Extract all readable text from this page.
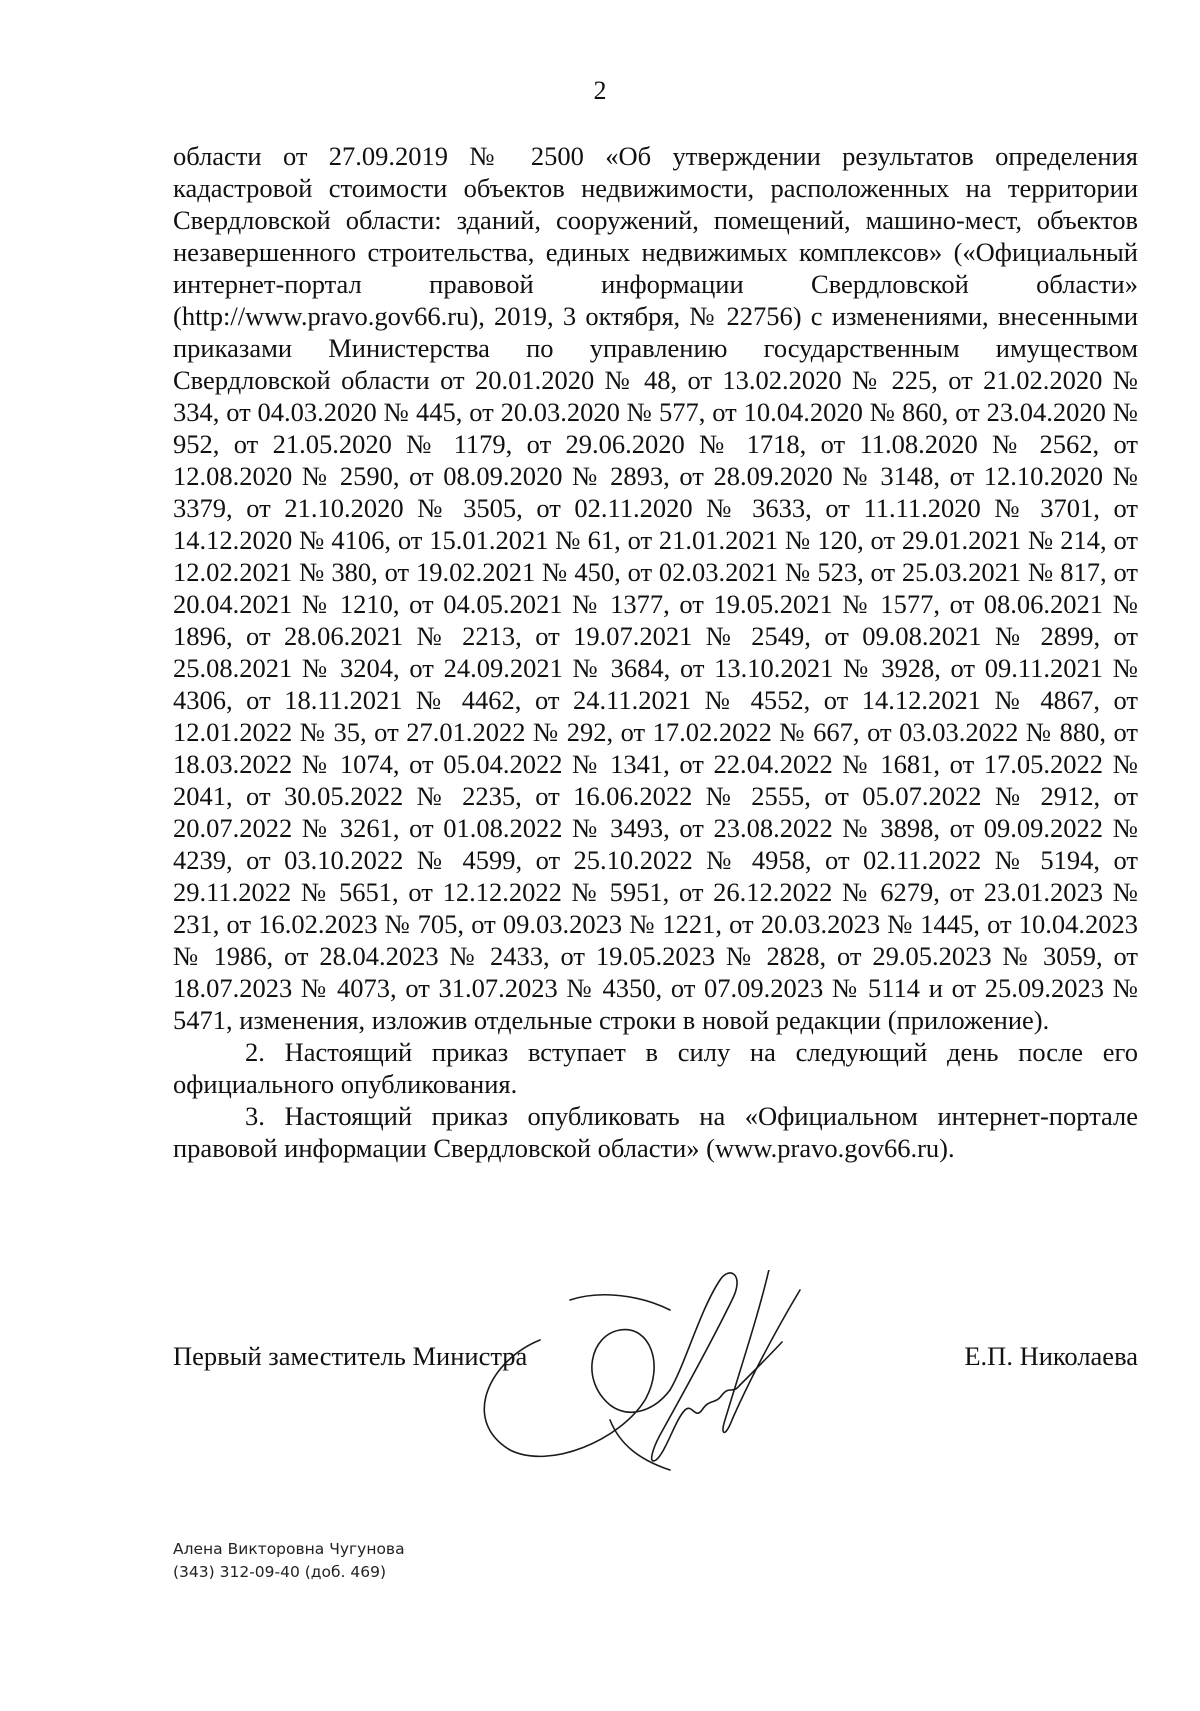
2

области от 27.09.2019 № 2500 «Об утверждении результатов определения кадастровой стоимости объектов недвижимости, расположенных на территории Свердловской области: зданий, сооружений, помещений, машино-мест, объектов незавершенного строительства, единых недвижимых комплексов» («Официальный интернет-портал правовой информации Свердловской области» (http://www.pravo.gov66.ru), 2019, 3 октября, № 22756) с изменениями, внесенными приказами Министерства по управлению государственным имуществом Свердловской области от 20.01.2020 № 48, от 13.02.2020 № 225, от 21.02.2020 № 334, от 04.03.2020 № 445, от 20.03.2020 № 577, от 10.04.2020 № 860, от 23.04.2020 № 952, от 21.05.2020 № 1179, от 29.06.2020 № 1718, от 11.08.2020 № 2562, от 12.08.2020 № 2590, от 08.09.2020 № 2893, от 28.09.2020 № 3148, от 12.10.2020 № 3379, от 21.10.2020 № 3505, от 02.11.2020 № 3633, от 11.11.2020 № 3701, от 14.12.2020 № 4106, от 15.01.2021 № 61, от 21.01.2021 № 120, от 29.01.2021 № 214, от 12.02.2021 № 380, от 19.02.2021 № 450, от 02.03.2021 № 523, от 25.03.2021 № 817, от 20.04.2021 № 1210, от 04.05.2021 № 1377, от 19.05.2021 № 1577, от 08.06.2021 № 1896, от 28.06.2021 № 2213, от 19.07.2021 № 2549, от 09.08.2021 № 2899, от 25.08.2021 № 3204, от 24.09.2021 № 3684, от 13.10.2021 № 3928, от 09.11.2021 № 4306, от 18.11.2021 № 4462, от 24.11.2021 № 4552, от 14.12.2021 № 4867, от 12.01.2022 № 35, от 27.01.2022 № 292, от 17.02.2022 № 667, от 03.03.2022 № 880, от 18.03.2022 № 1074, от 05.04.2022 № 1341, от 22.04.2022 № 1681, от 17.05.2022 № 2041, от 30.05.2022 № 2235, от 16.06.2022 № 2555, от 05.07.2022 № 2912, от 20.07.2022 № 3261, от 01.08.2022 № 3493, от 23.08.2022 № 3898, от 09.09.2022 № 4239, от 03.10.2022 № 4599, от 25.10.2022 № 4958, от 02.11.2022 № 5194, от 29.11.2022 № 5651, от 12.12.2022 № 5951, от 26.12.2022 № 6279, от 23.01.2023 № 231, от 16.02.2023 № 705, от 09.03.2023 № 1221, от 20.03.2023 № 1445, от 10.04.2023 № 1986, от 28.04.2023 № 2433, от 19.05.2023 № 2828, от 29.05.2023 № 3059, от 18.07.2023 № 4073, от 31.07.2023 № 4350, от 07.09.2023 № 5114 и от 25.09.2023 № 5471, изменения, изложив отдельные строки в новой редакции (приложение).

2. Настоящий приказ вступает в силу на следующий день после его официального опубликования.

3. Настоящий приказ опубликовать на «Официальном интернет-портале правовой информации Свердловской области» (www.pravo.gov66.ru).

Первый заместитель Министра	Е.П. Николаева
Алена Викторовна Чугунова
(343) 312-09-40 (доб. 469)
